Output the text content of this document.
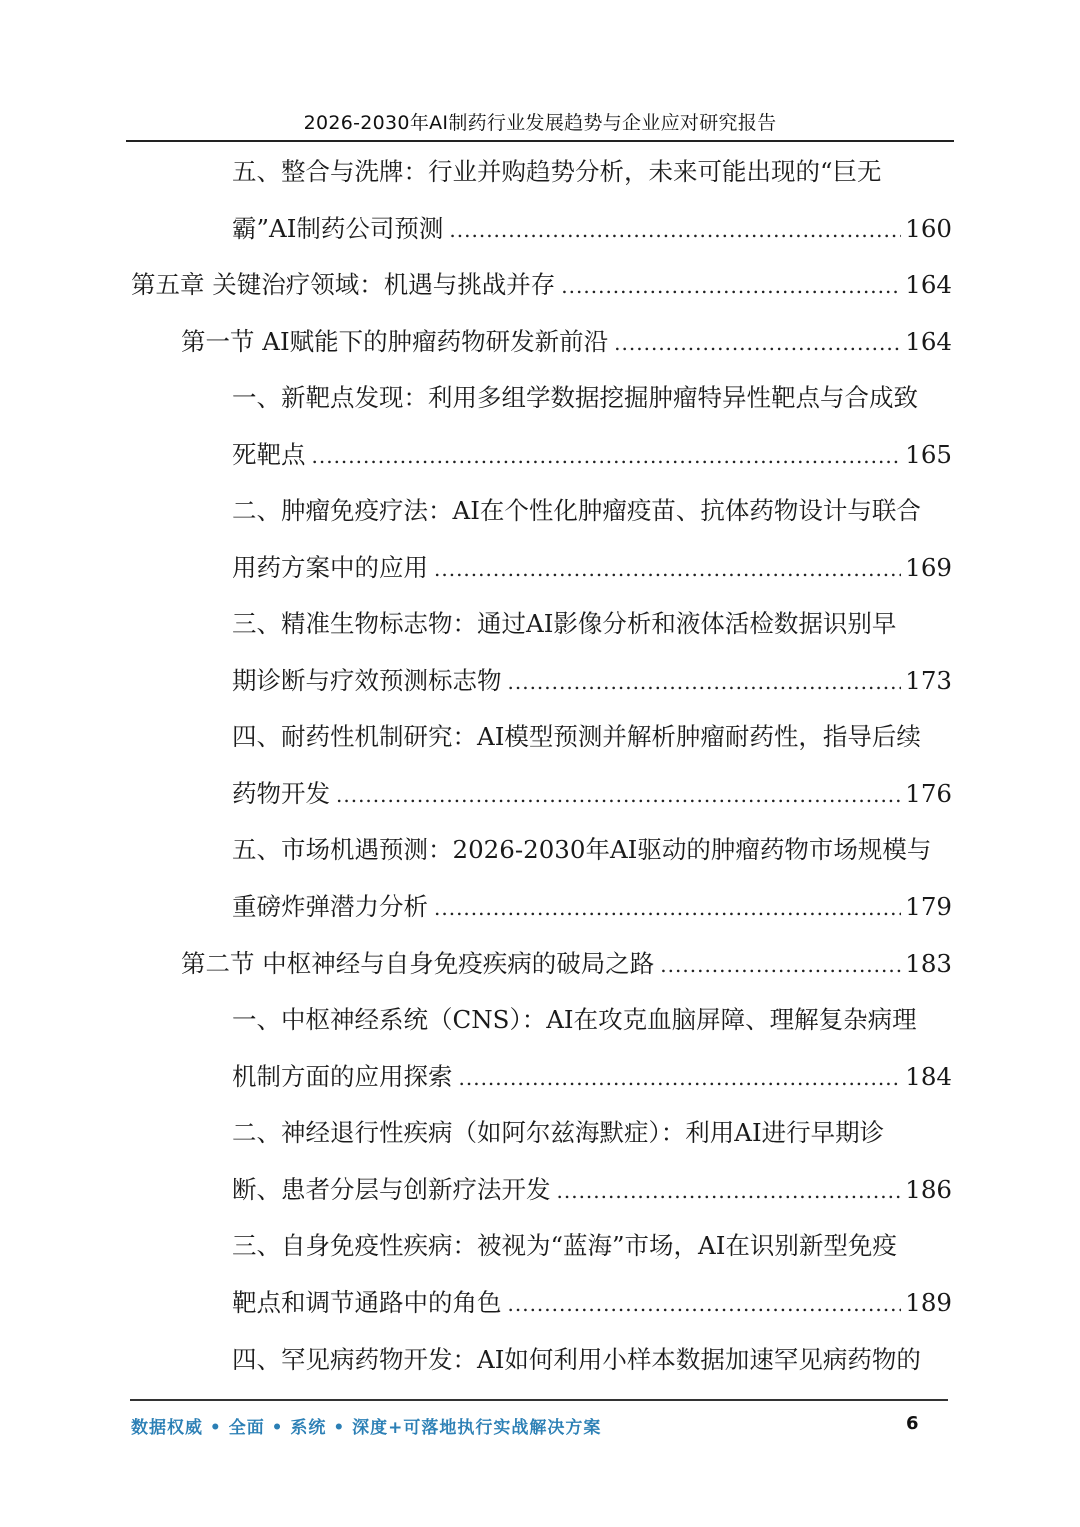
2026-2030年AI制药行业发展趋势与企业应对研究报告
五、整合与洗牌：行业并购趋势分析，未来可能出现的“巨无
霸”AI制药公司预测 .....	160
第五章 关键治疗领域：机遇与挑战并存 .....	164
第一节 AI赋能下的肿瘤药物研发新前沿 .....	164
一、新靶点发现：利用多组学数据挖掘肿瘤特异性靶点与合成致
死靶点 .....	165
二、肿瘤免疫疗法：AI在个性化肿瘤疫苗、抗体药物设计与联合
用药方案中的应用 .....	169
三、精准生物标志物：通过AI影像分析和液体活检数据识别早
期诊断与疗效预测标志物 .....	173
四、耐药性机制研究：AI模型预测并解析肿瘤耐药性，指导后续
药物开发 .....	176
五、市场机遇预测：2026-2030年AI驱动的肿瘤药物市场规模与
重磅炸弹潜力分析 .....	179
第二节 中枢神经与自身免疫疾病的破局之路 .....	183
一、中枢神经系统（CNS）：AI在攻克血脑屏障、理解复杂病理
机制方面的应用探索 .....	184
二、神经退行性疾病（如阿尔兹海默症）：利用AI进行早期诊
断、患者分层与创新疗法开发 .....	186
三、自身免疫性疾病：被视为“蓝海”市场，AI在识别新型免疫
靶点和调节通路中的角色 .....	189
四、罕见病药物开发：AI如何利用小样本数据加速罕见病药物的
数据权威 • 全面 • 系统 • 深度+可落地执行实战解决方案	6
